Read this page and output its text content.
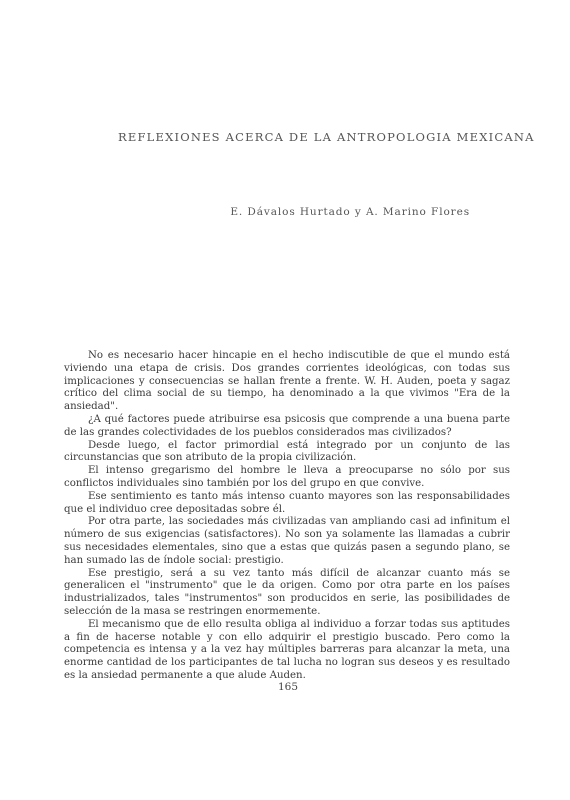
REFLEXIONES ACERCA DE LA ANTROPOLOGIA MEXICANA
E. Dávalos Hurtado y A. Marino Flores

No es necesario hacer hincapie en el hecho indiscutible de que el mundo está viviendo una etapa de crisis. Dos grandes corrientes ideológicas, con todas sus implicaciones y consecuencias se hallan frente a frente. W. H. Auden, poeta y sagaz crítico del clima social de su tiempo, ha denominado a la que vivimos "Era de la ansiedad".

¿A qué factores puede atribuirse esa psicosis que comprende a una buena parte de las grandes colectividades de los pueblos considerados mas civilizados?

Desde luego, el factor primordial está integrado por un conjunto de las circunstancias que son atributo de la propia civilización.

El intenso gregarismo del hombre le lleva a preocuparse no sólo por sus conflictos individuales sino también por los del grupo en que convive.

Ese sentimiento es tanto más intenso cuanto mayores son las responsabilidades que el individuo cree depositadas sobre él.

Por otra parte, las sociedades más civilizadas van ampliando casi ad infinitum el número de sus exigencias (satisfactores). No son ya solamente las llamadas a cubrir sus necesidades elementales, sino que a estas que quizás pasen a segundo plano, se han sumado las de índole social: prestigio.

Ese prestigio, será a su vez tanto más difícil de alcanzar cuanto más se generalicen el "instrumento" que le da origen. Como por otra parte en los países industrializados, tales "instrumentos" son producidos en serie, las posibilidades de selección de la masa se restringen enormemente.

El mecanismo que de ello resulta obliga al individuo a forzar todas sus aptitudes a fin de hacerse notable y con ello adquirir el prestigio buscado. Pero como la competencia es intensa y a la vez hay múltiples barreras para alcanzar la meta, una enorme cantidad de los participantes de tal lucha no logran sus deseos y es resultado es la ansiedad permanente a que alude Auden.

165
